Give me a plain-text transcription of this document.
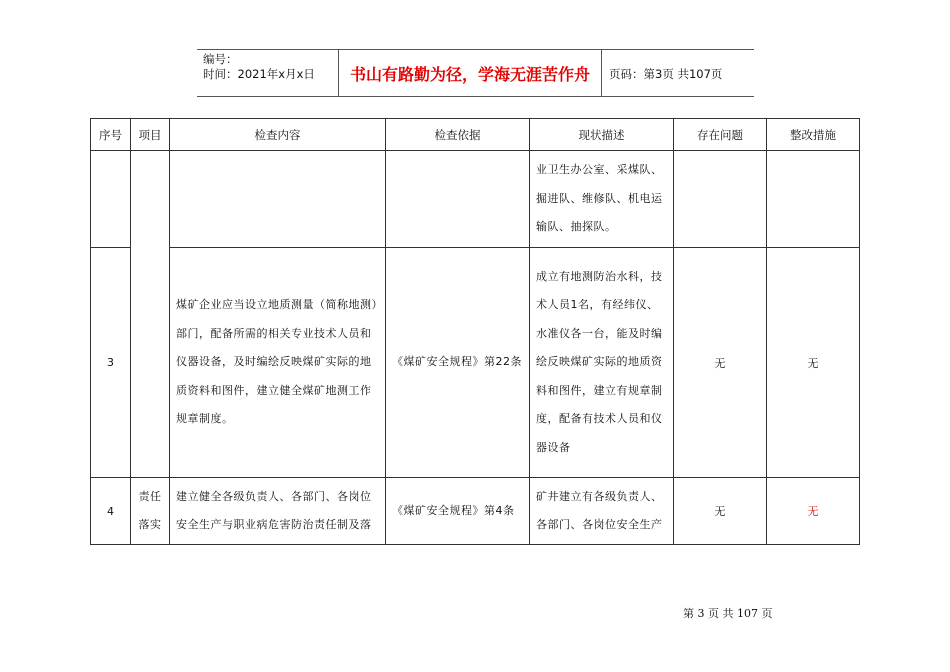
编号：
时间：2021年x月x日	书山有路勤为径，学海无涯苦作舟	页码：第3页 共107页
序号	项目	检查内容	检查依据	现状描述	存在问题	整改措施
				业卫生办公室、采煤队、掘进队、维修队、机电运输队、抽探队。		
3		煤矿企业应当设立地质测量（简称地测）部门，配备所需的相关专业技术人员和仪器设备，及时编绘反映煤矿实际的地质资料和图件，建立健全煤矿地测工作规章制度。	《煤矿安全规程》第22条	成立有地测防治水科，技术人员1名，有经纬仪、水准仪各一台，能及时编绘反映煤矿实际的地质资料和图件，建立有规章制度，配备有技术人员和仪器设备	无	无
4	责任落实	建立健全各级负责人、各部门、各岗位安全生产与职业病危害防治责任制及落	《煤矿安全规程》第4条	矿井建立有各级负责人、各部门、各岗位安全生产	无	无
第 3 页 共 107 页
